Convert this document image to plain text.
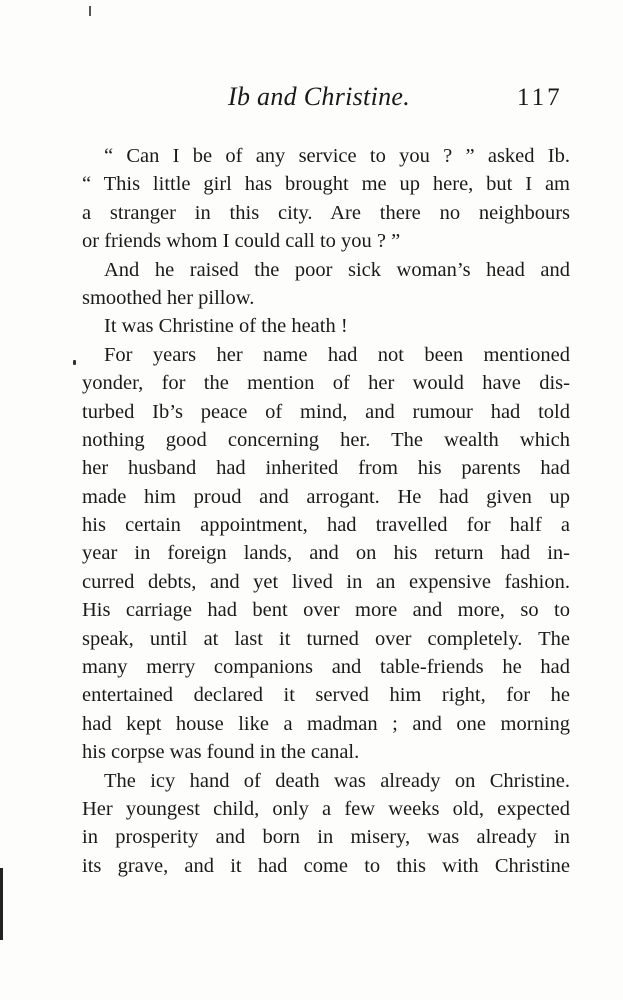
Ib and Christine.	117
“ Can I be of any service to you ? ” asked Ib.
“ This little girl has brought me up here, but I am
a stranger in this city. Are there no neighbours
or friends whom I could call to you ? ”
And he raised the poor sick woman’s head and
smoothed her pillow.
It was Christine of the heath !
For years her name had not been mentioned
yonder, for the mention of her would have dis-
turbed Ib’s peace of mind, and rumour had told
nothing good concerning her. The wealth which
her husband had inherited from his parents had
made him proud and arrogant. He had given up
his certain appointment, had travelled for half a
year in foreign lands, and on his return had in-
curred debts, and yet lived in an expensive fashion.
His carriage had bent over more and more, so to
speak, until at last it turned over completely. The
many merry companions and table-friends he had
entertained declared it served him right, for he
had kept house like a madman ; and one morning
his corpse was found in the canal.
The icy hand of death was already on Christine.
Her youngest child, only a few weeks old, expected
in prosperity and born in misery, was already in
its grave, and it had come to this with Christine
